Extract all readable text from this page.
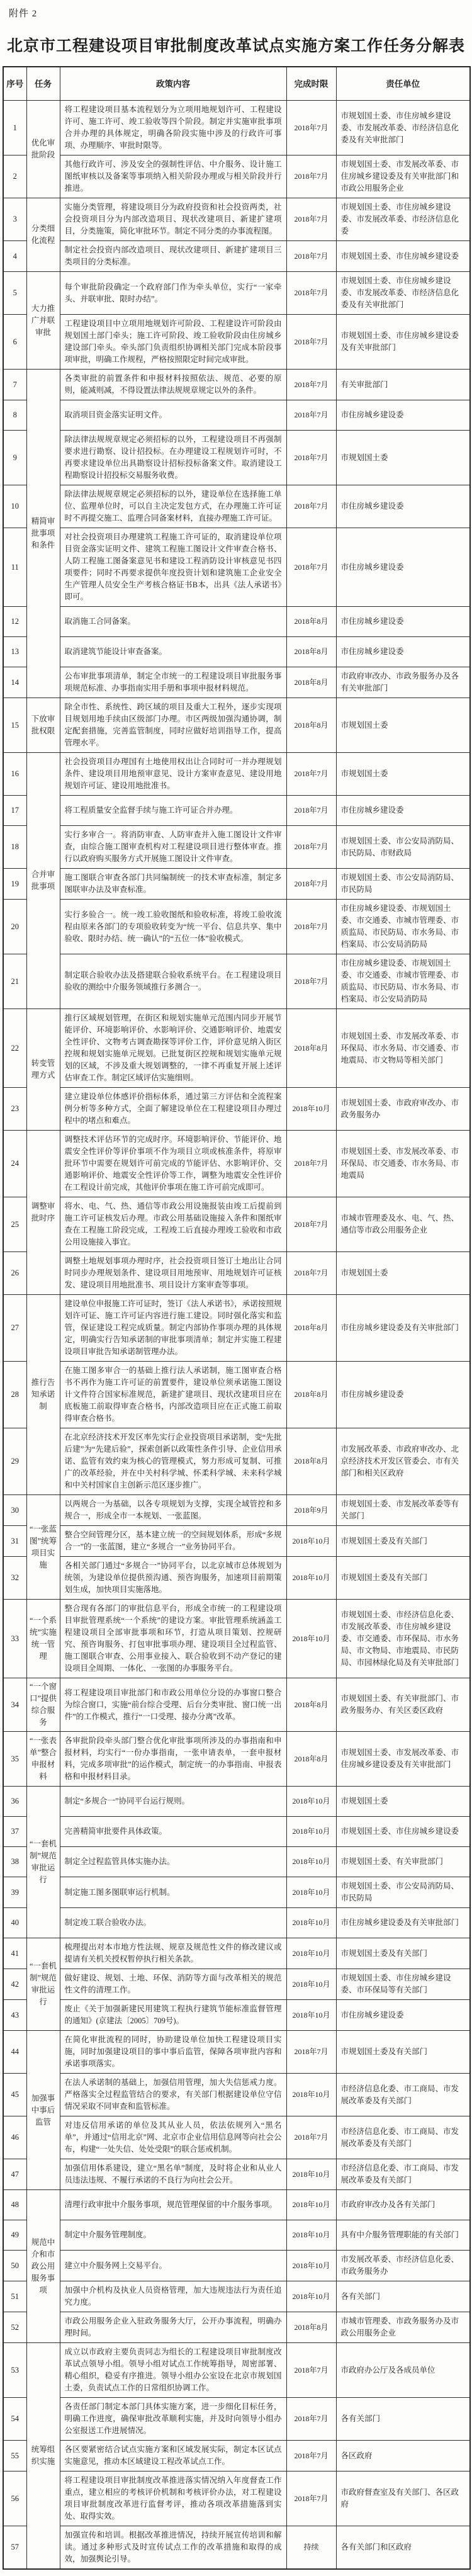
附件 2
北京市工程建设项目审批制度改革试点实施方案工作任务分解表
序号	任务	政策内容	完成时限	责任单位
1	优化审批阶段	将工程建设项目基本流程划分为立项用地规划许可、工程建设许可、施工许可、竣工验收等四个阶段。制定并实施审批事项合并办理的具体规定，明确各阶段实施中涉及的行政许可事项、办理顺序、审批时限等。	2018年7月	市规划国土委、市住房城乡建设委、市发展改革委、市经济信息化委及有关审批部门
2		其他行政许可、涉及安全的强制性评估、中介服务、设计施工图纸审核以及备案等事项纳入相关阶段办理或与相关阶段并行推进。	2018年7月	市规划国土委、市发展改革委、市住房城乡建设委及有关审批部门和市政公用服务企业
3	分类细化流程	实施分类管理，将建设项目分为政府投资和社会投资两类，社会投资项目分为内部改造项目、现状改建项目、新建扩建项目，分类施策，简化审批环节。制定不同分类的办事流程图。	2018年7月	市规划国土委、市住房城乡建设委、市发展改革委、市经济信息化委
4		制定社会投资内部改造项目、现状改建项目、新建扩建项目三类项目的分类标准。	2018年7月	市规划国土委、市住房城乡建设委
5	大力推广并联审批	每个审批阶段确定一个政府部门作为牵头单位，实行“一家牵头、并联审批、限时办结”。	2018年7月	市规划国土委、市住房城乡建设委、市发展改革委、市经济信息化委及有关审批部门
6		工程建设项目中立项用地规划许可阶段、工程建设许可阶段由规划国土部门牵头；施工许可阶段、竣工验收阶段由住房城乡建设部门牵头。牵头部门负责组织协调相关部门完成本阶段事项审批，明确工作规程，严格按照限定时间完成审批。	2018年7月	市规划国土委、市住房城乡建设委及有关审批部门
7	精简审批事项和条件	各类审批的前置条件和申报材料按照依法、规范、必要的原则，能减则减，不得设置法律法规规章规定以外的条件。	2018年7月	有关审批部门
8		取消项目资金落实证明文件。	2018年7月	市住房城乡建设委
9		除法律法规规章规定必须招标的以外，工程建设项目不再强制要求进行勘察、设计招投标。在办理建设工程规划许可时，不再要求建设单位出具勘察设计招标投标备案文件。取消建设工程勘察设计招投标交易服务收费。	2018年7月	市规划国土委
10		除法律法规规章规定必须招标的以外，建设单位在选择施工单位、监理单位时，可以自主决定发包方式，在办理施工许可证时不再提交施工、监理合同备案材料，直接办理施工许可证。	2018年7月	市住房城乡建设委
11		对社会投资项目办理建筑工程施工许可证的，取消建设单位项目资金落实证明文件、建筑工程施工图设计文件审查合格书、人防工程施工图备案意见书和建设工程消防设计审核意见书四项要件；同时不再要求提供年度投资计划和建筑施工企业安全生产管理人员安全生产考核合格证书B本，出具《法人承诺书》即可。	2018年7月	市住房城乡建设委
12		取消施工合同备案。	2018年8月	市住房城乡建设委
13		取消建筑节能设计审查备案。	2018年8月	市住房城乡建设委
14		公布审批事项清单，制定全市统一的工程建设项目审批服务事项规范标准、办事指南实用手册和事项申报材料规范。	2018年8月	市政府审改办、市政务服务办及各有关审批部门
15	下放审批权限	除全市性、系统性、跨区域的项目及重大工程外，逐步实现项目规划用地手续由区级部门办理。市区两级加强沟通协调，制定配套措施，完善监管制度，同时应做好培训指导工作，提高管理水平。	2018年8月	市规划国土委
16	合并审批事项	社会投资项目办理国有土地使用权出让合同时可一并办理规划条件、建设项目用地预审意见、设计方案审查意见、建设用地规划许可证、建设用地批准书。	2018年7月	市规划国土委
17		将工程质量安全监督手续与施工许可证合并办理。	2018年7月	市住房城乡建设委
18		实行多审合一。将消防审查、人防审查并入施工图设计文件审查，由综合施工图审查机构对工程建设项目进行整体审查。推行以政府购买服务方式开展施工图设计文件审查。	2018年7月	市规划国土委、市公安局消防局、市民防局、市财政局
19		施工图联合审查各部门共同编制统一的技术审查标准，制定多图联审办法及审查标准。	2018年7月	市规划国土委、市公安局消防局、市民防局
20		实行多验合一。统一竣工验收图纸和验收标准，将竣工验收流程由原来各部门的专项验收转变为“统一平台、信息共享、集中验收、限时办结、统一确认”的“五位一体”验收模式。	2018年7月	市住房城乡建设委、市规划国土委、市交通委、市城市管理委、市质监局、市民防局、市水务局、市档案局、市公安局消防局
21		制定联合验收办法及搭建联合验收系统平台。在工程建设项目验收的测绘中介服务领域推行多测合一。	2018年7月	市住房城乡建设委、市规划国土委、市交通委、市城市管理委、市质监局、市民防局、市水务局、市档案局、市公安局消防局
22	转变管理方式	推行区域规划管理，在街区和规划实施单元范围内同步开展节能评价、环境影响评价、水影响评价、交通影响评价、地震安全性评价、文物考古调查勘探等评价工作，评价意见纳入街区控规和规划实施单元规划。已批复街区控规和规划实施单元规划的区域，不涉及重大规划调整的，一律不再重复开展上述评估审查工作。制定区域评估实施细则。	2018年8月	市规划国土委、市发展改革委、市环保局、市水务局、市交通委、市地震局、市文物局等相关部门
23		建立建设单位体感评价指标体系，通过第三方评估和全流程案例分析等多种方式，全面了解建设单位在工程建设项目办理过程中的堵点和难点。	2018年10月	市规划国土委、市政府审改办、市政务服务办
24	调整审批时序	调整技术评估环节的完成时序。环境影响评价、节能评价、地震安全性评价等评价事项不作为项目立项或核准条件，将原审批环节中需要在规划许可前完成的节能评估、水影响评价、交通影响评价、地震安全性评价等工作，调整为地震安全性评价在工程设计前完成，其他评价事项在施工许可前完成即可。	2018年7月	市规划国土委、市发展改革委、市环保局、市交通委、市水务局、市地震局
25		将水、电、气、热、通信等市政公用设施报装由竣工后提前到施工许可证核发后办理。市政公用基础设施接入条件和图纸审查在工程施工阶段完成，工程竣工后直接办理竣工验收和市政公用设施接入事宜。	2018年7月	市城市管理委及水、电、气、热、通信等市政公用服务企业
26		调整土地规划事项办理时序，社会投资项目签订土地出让合同时同步办理规划条件、建设项目用地预审、用地规划许可证核发、建设项目用地批准书、项目设计方案审查等事项。	2018年7月	市规划国土委
27	推行告知承诺制	建设单位申报施工许可证时，签订《法人承诺书》，承诺按照规划许可证、施工许可证内容进行施工建设。同时强化落实和监管，保证建设工程完成质量。制定内部协作事项办理的具体规定，明确实行告知承诺制的审批事项清单；制定并实施工程建设项目审批告知承诺制管理办法。	2018年8月	市住房城乡建设委及有关审批部门
28		在施工图多审合一的基础上推行法人承诺制，施工图审查合格书不再作为施工许可证的前置要件，建设单位须承诺施工图设计文件符合国家标准规范，新建扩建项目、现状改建项目应在底板施工前取得审查合格书，内部改造项目应在正式施工前取得审查合格书。	2018年8月	市住房城乡建设委
29		在北京经济技术开发区率先实行企业投资项目承诺制，变“先批后建”为“先建后验”，探索创新以政策性条件引导、企业信用承诺、监管有效约束为核心的管理模式，努力形成可复制、可推广的改革经验，并在中关村科学城、怀柔科学城、未来科学城和中关村国家自主创新示范区逐步推广。	2018年8月	市发展改革委、市政府审改办、北京经济技术开发区管委会、市有关部门和相关区政府
30	“一张蓝图”统筹项目实施	以两规合一为基础，以各专项规划为支撑，实现全域管控和多规合一，形成全市一本规划、一张蓝图。	2018年9月	市规划国土委、市发展改革委等有关部门
31		整合空间管理分区，基本建立统一的空间规划体系，形成“多规合一”的一张蓝图，建立“多规合一”业务协同平台。	2018年10月	市规划国土委及有关部门
32		各相关部门通过“多规合一”协同平台，以北京城市总体规划为统领，为建设单位提供预沟通、预咨询服务，加速项目前期策划生成，加快项目实施落地。	2018年10月	市规划国土委及有关部门
33	“一个系统”实施统一管理	整合现有各部门的审批信息平台，形成全市统一的工程建设项目审批管理系统“一个系统”的建设方案。审批管理系统涵盖工程建设项目全部审批事项和环节，打造从项目策划、控规研究、预咨询服务、打包审批事项办理、建设项目全过程监管、施工图联合审查、公用事业接入、联合验收到不动产登记的建设项目全周期、一体化、一张图的办事服务平台。	2018年10月	市规划国土委、市经济信息化委、市发展改革委、市住房城乡建设委、市交通委、市环保局、市水务局、市文物局、市地震局、市民防局、市园林绿化局及有关审批部门
34	“一个窗口”提供综合服务	将工程建设项目审批部门和市政公用单位分设的办事窗口整合为综合窗口，实施“前台综合受理、后台分类审批、窗口统一出件”的工作模式，推行“一口受理、接办分离”改革。	2018年8月	市规划国土委、有关审批部门、市政务服务办、有关区委区政府
35	“一张表单”整合申报材料	各审批阶段牵头部门整合优化审批事项所涉及的办事指南和申报材料，均实行“一份办事指南，一张申请表单，一套申报材料，完成多项审批”的运作模式，制定统一的办事指南、申报表格和申报材料目录。	2018年8月	市规划国土委、市发展改革委、市住房城乡建设委及有关审批部门
36	“一套机制”规范审批运行	制定“多规合一”协同平台运行规则。	2018年10月	市规划国土委
37		完善精简审批要件具体政策。	2018年10月	市规划国土委、市住房城乡建设委
38		制定全过程监管具体实施办法。	2018年10月	市规划国土委、有关审批部门
39		制定施工图多图联审运行机制。	2018年10月	市规划国土委、市公安局消防局、市民防局
40		制定竣工联合验收办法。	2018年10月	市住房城乡建设委及有关审批部门
41	“一套机制”规范审批运行	梳理提出对本市地方性法规、规章及规范性文件的修改建议或提请有关机关授权暂停执行相关条款。	2018年10月	市规划国土委及有关部门
42		做好建设、规划、土地、环保、消防等方面与改革相关的规范性文件的清理工作。	2018年10月	市规划国土委、市住房城乡建设委、市环保局等有关部门
43		废止《关于加强新建民用建筑工程执行建筑节能标准监督管理的通知》(京建法〔2005〕709号)。	2018年10月	市住房城乡建设委
44	加强事中事后监管	在简化审批流程的同时，协助建设单位加快工程建设项目实施，同时加强建设项目的事中事后监管，保障各项审批内容和承诺事项落实。	2018年7月	市规划国土委及有关部门
45		在法人承诺制的基础上，加强信用管理，加大失信惩戒力度。严格落实全过程监管结合的要求，有关部门根据建设单位守信情况采取不同审查和监管标准。	2018年10月	市经济信息化委、市工商局、市发展改革委及有关部门
46		对违反信用承诺的单位及其从业人员，依法依规列入“黑名单”，并通过“信用北京”网、北京市企业信用信息网等向社会公布，构建“一处失信、处处受限”的联合惩戒机制。	2018年7月	市经济信息化委、市工商局、市发展改革委及有关部门
47		加强信用体系建设，建立“黑名单”制度，及时将企业和从业人员违法违规、不履行承诺的不良行为向社会公开。	2018年10月	市经济信息化委、市工商局、市发展改革委及有关部门
48	规范中介和市政公用服务事项	清理行政审批中介服务事项，规范管理保留的中介服务事项。	2018年10月	市政府审改办及各有关部门
49		制定中介服务管理制度。	2018年10月	具有中介服务管理职能的有关部门
50		建立中介服务网上交易平台。	2018年10月	市发展改革委、市经济信息化委、市政务服务办
51		加强中介机构及执业人员资格管理，加大违规违法行为责任追究力度。	2018年10月	各有关部门
52		市政公用服务企业入驻政务服务大厅，公开办事流程，明确办理时间。	2018年8月	市城市管理委、市政务服务办及市政公用服务企业
53	统筹组织实施	成立以市政府主要负责同志为组长的工程建设项目审批制度改革试点领导小组。领导小组对试点工作统筹指导，周密部署、精心组织，稳妥有序推进。领导小组办公室设在北京市规划国土委，负责试点工作的日常组织协调工作。	2018年7月	市政府办公厅及各成员单位
54		各责任部门制定本部门具体实施方案，进一步细化目标任务，明确工作进度，确保审批改革顺利实施，并及时向领导小组办公室报送工作进展情况。	2018年7月	各有关部门
55		各区要紧密结合试点实施方案和区域发展实际，制定本区试点实施意见，推动本区域建设工程改革试点工作。	2018年7月	各区政府
56		将工程建设项目审批制度改革推进落实情况纳入年度督查工作重点，建立相应的考核评价机制和考核评价办法，对工程建设项目审批制度改革进行监督考评，推动各项改革措施落到实处、取得实效。	2018年7月	市政府督查室及有关部门、各区政府
57		加强宣传和培训。根据改革推进情况，持续开展宣传培训和解读。通过多种形式及时宣传试点工作的改革措施和取得的成效，加强舆论引导。	持续	各有关部门和区政府
